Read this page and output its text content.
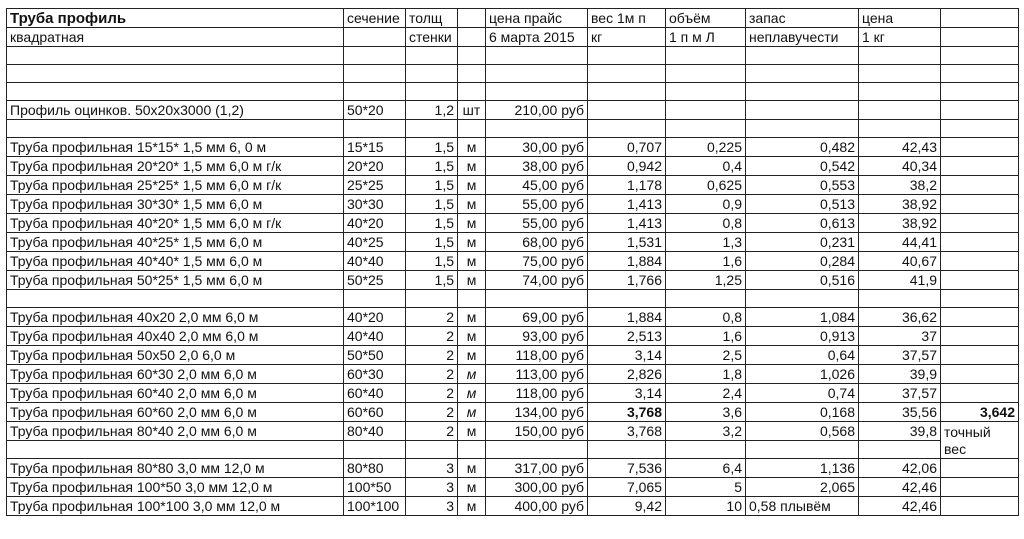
Труба профиль	сечение	толщ		цена прайс	вес 1м п	объём	запас	цена	
квадратная		стенки		6 марта 2015	кг	1 п м Л	неплавучести	1 кг	

Профиль оцинков. 50х20х3000 (1,2)	50*20	1,2	шт	210,00 руб					

Труба профильная 15*15* 1,5 мм 6, 0 м	15*15	1,5	м	30,00 руб	0,707	0,225	0,482	42,43	
Труба профильная 20*20* 1,5 мм 6,0 м г/к	20*20	1,5	м	38,00 руб	0,942	0,4	0,542	40,34	
Труба профильная 25*25* 1,5 мм 6,0 м г/к	25*25	1,5	м	45,00 руб	1,178	0,625	0,553	38,2	
Труба профильная 30*30* 1,5 мм 6,0 м	30*30	1,5	м	55,00 руб	1,413	0,9	0,513	38,92	
Труба профильная 40*20* 1,5 мм 6,0 м г/к	40*20	1,5	м	55,00 руб	1,413	0,8	0,613	38,92	
Труба профильная 40*25* 1,5 мм 6,0 м	40*25	1,5	м	68,00 руб	1,531	1,3	0,231	44,41	
Труба профильная 40*40* 1,5 мм 6,0 м	40*40	1,5	м	75,00 руб	1,884	1,6	0,284	40,67	
Труба профильная 50*25* 1,5 мм 6,0 м	50*25	1,5	м	74,00 руб	1,766	1,25	0,516	41,9	

Труба профильная 40х20 2,0 мм 6,0 м	40*20	2	м	69,00 руб	1,884	0,8	1,084	36,62	
Труба профильная 40х40 2,0 мм 6,0 м	40*40	2	м	93,00 руб	2,513	1,6	0,913	37	
Труба профильная 50х50 2,0 6,0 м	50*50	2	м	118,00 руб	3,14	2,5	0,64	37,57	
Труба профильная 60*30 2,0 мм 6,0 м	60*30	2	м	113,00 руб	2,826	1,8	1,026	39,9	
Труба профильная 60*40 2,0 мм 6,0 м	60*40	2	м	118,00 руб	3,14	2,4	0,74	37,57	
Труба профильная 60*60 2,0 мм 6,0 м	60*60	2	м	134,00 руб	3,768	3,6	0,168	35,56	3,642
Труба профильная 80*40 2,0 мм 6,0 м	80*40	2	м	150,00 руб	3,768	3,2	0,568	39,8	точный
									вес
Труба профильная 80*80 3,0 мм 12,0 м	80*80	3	м	317,00 руб	7,536	6,4	1,136	42,06	
Труба профильная 100*50 3,0 мм 12,0 м	100*50	3	м	300,00 руб	7,065	5	2,065	42,46	
Труба профильная 100*100 3,0 мм 12,0 м	100*100	3	м	400,00 руб	9,42	10	0,58 плывём	42,46	
